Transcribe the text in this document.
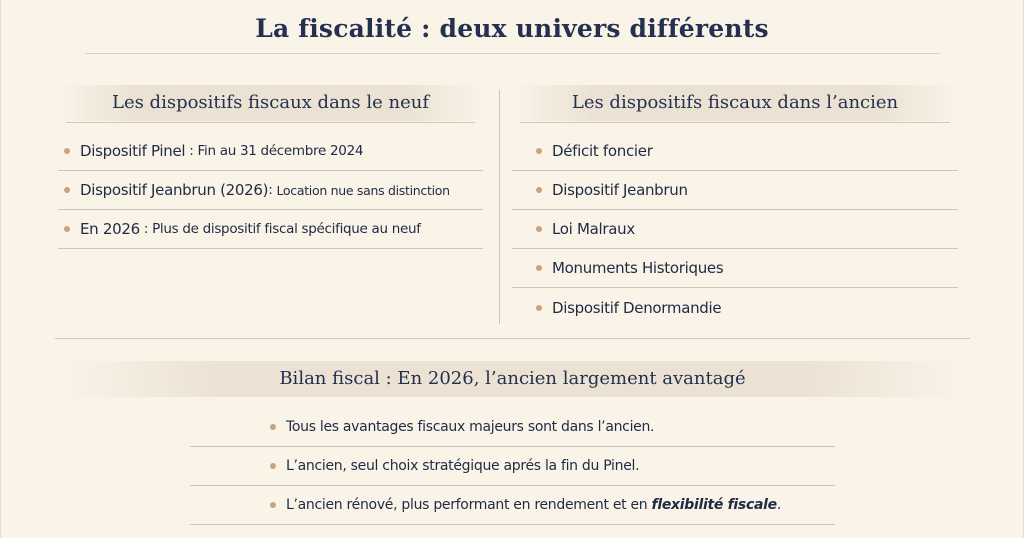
La fiscalité : deux univers différents
Les dispositifs fiscaux dans le neuf
Dispositif Pinel : Fin au 31 décembre 2024
Dispositif Jeanbrun (2026) : Location nue sans distinction
En 2026 : Plus de dispositif fiscal spécifique au neuf
Les dispositifs fiscaux dans l’ancien
Déficit foncier
Dispositif Jeanbrun
Loi Malraux
Monuments Historiques
Dispositif Denormandie
Bilan fiscal : En 2026, l’ancien largement avantagé
Tous les avantages fiscaux majeurs sont dans l’ancien.
L’ancien, seul choix stratégique aprés la fin du Pinel.
L’ancien rénové, plus performant en rendement et en flexibilité fiscale .
